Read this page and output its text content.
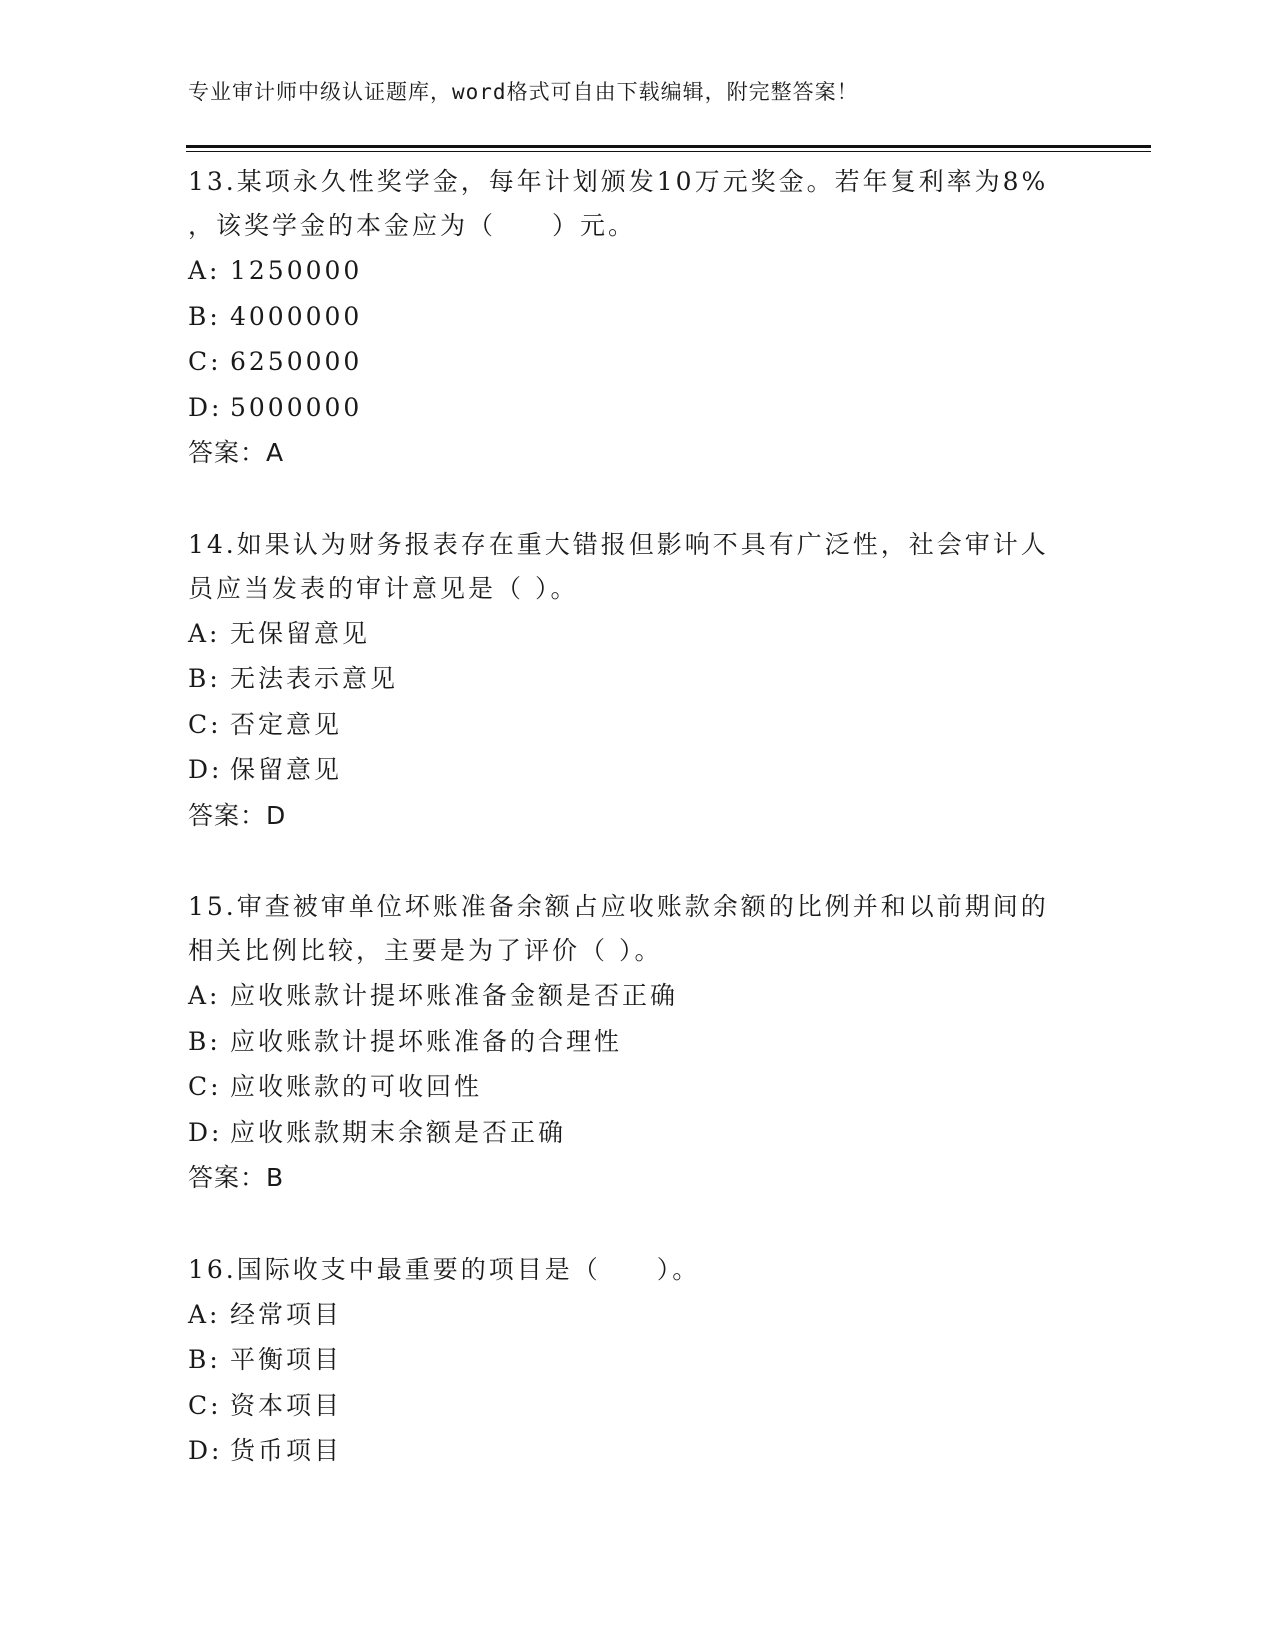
专业审计师中级认证题库，word格式可自由下载编辑，附完整答案！

13.某项永久性奖学金，每年计划颁发10万元奖金。若年复利率为8%

，该奖学金的本金应为（　　）元。

A: 1250000

B: 4000000

C: 6250000

D: 5000000

答案：A

14.如果认为财务报表存在重大错报但影响不具有广泛性，社会审计人

员应当发表的审计意见是（ ）。

A: 无保留意见

B: 无法表示意见

C: 否定意见

D: 保留意见

答案：D

15.审查被审单位坏账准备余额占应收账款余额的比例并和以前期间的

相关比例比较，主要是为了评价（ ）。

A: 应收账款计提坏账准备金额是否正确

B: 应收账款计提坏账准备的合理性

C: 应收账款的可收回性

D: 应收账款期末余额是否正确

答案：B

16.国际收支中最重要的项目是（　　）。

A: 经常项目

B: 平衡项目

C: 资本项目

D: 货币项目
